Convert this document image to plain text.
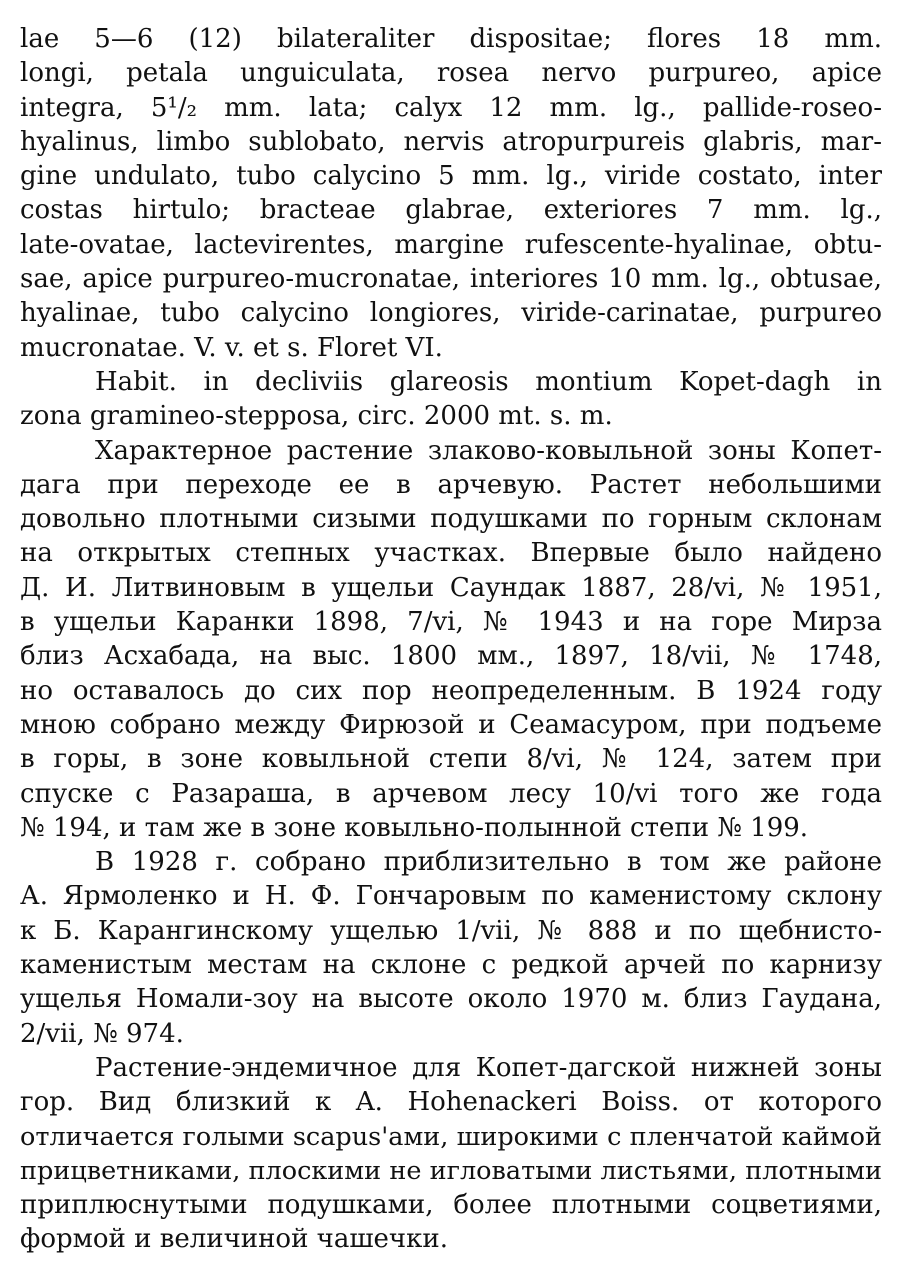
lae 5—6 (12) bilateraliter dispositae; flores 18 mm.
longi, petala unguiculata, rosea nervo purpureo, apice
integra, 5¹/₂ mm. lata; calyx 12 mm. lg., pallide-roseo-
hyalinus, limbo sublobato, nervis atropurpureis glabris, mar-
gine undulato, tubo calycino 5 mm. lg., viride costato, inter
costas hirtulo; bracteae glabrae, exteriores 7 mm. lg.,
late-ovatae, lactevirentes, margine rufescente-hyalinae, obtu-
sae, apice purpureo-mucronatae, interiores 10 mm. lg., obtusae,
hyalinae, tubo calycino longiores, viride-carinatae, purpureo
mucronatae. V. v. et s. Floret VI.
Habit. in decliviis glareosis montium Kopet-dagh in
zona gramineo-stepposa, circ. 2000 mt. s. m.
Характерное растение злаково-ковыльной зоны Копет-
дага при переходе ее в арчевую. Растет небольшими
довольно плотными сизыми подушками по горным склонам
на открытых степных участках. Впервые было найдено
Д. И. Литвиновым в ущельи Саундак 1887, 28/vi, № 1951,
в ущельи Каранки 1898, 7/vi, № 1943 и на горе Мирза
близ Асхабада, на выс. 1800 мм., 1897, 18/vii, № 1748,
но оставалось до сих пор неопределенным. В 1924 году
мною собрано между Фирюзой и Сеамасуром, при подъеме
в горы, в зоне ковыльной степи 8/vi, № 124, затем при
спуске с Разараша, в арчевом лесу 10/vi того же года
№ 194, и там же в зоне ковыльно-полынной степи № 199.
В 1928 г. собрано приблизительно в том же районе
А. Ярмоленко и Н. Ф. Гончаровым по каменистому склону
к Б. Карангинскому ущелью 1/vii, № 888 и по щебнисто-
каменистым местам на склоне с редкой арчей по карнизу
ущелья Номали-зоу на высоте около 1970 м. близ Гаудана,
2/vii, № 974.
Растение-эндемичное для Копет-дагской нижней зоны
гор. Вид близкий к A. Hohenackeri Boiss. от которого
отличается голыми scapus'ами, широкими с пленчатой каймой
прицветниками, плоскими не игловатыми листьями, плотными
приплюснутыми подушками, более плотными соцветиями,
формой и величиной чашечки.
